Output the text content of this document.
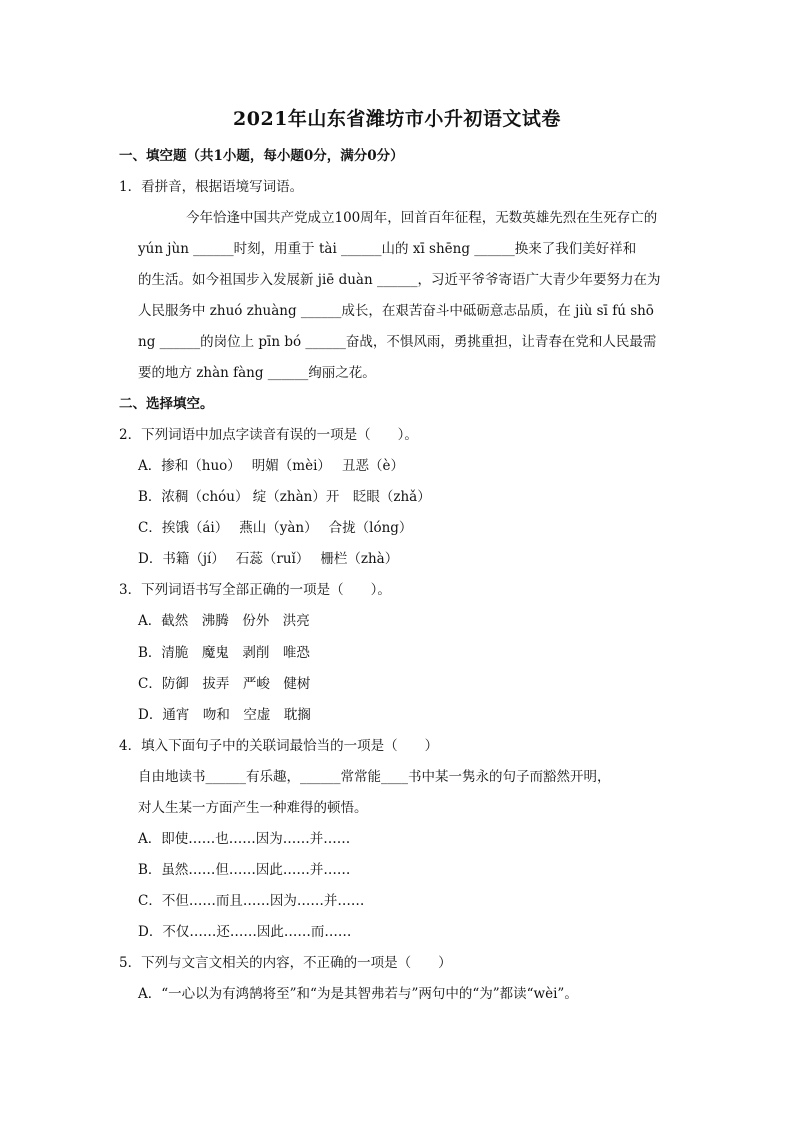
2021年山东省潍坊市小升初语文试卷
一、填空题（共1小题，每小题0分，满分0分）
1．看拼音，根据语境写词语。
今年恰逢中国共产党成立100周年，回首百年征程，无数英雄先烈在生死存亡的
yún jùn ______时刻，用重于 tài ______山的 xī shēng ______换来了我们美好祥和
的生活。如今祖国步入发展新 jiē duàn ______，习近平爷爷寄语广大青少年要努力在为
人民服务中 zhuó zhuàng ______成长，在艰苦奋斗中砥砺意志品质，在 jiù sī fú shō
ng ______的岗位上 pīn bó ______奋战，不惧风雨，勇挑重担，让青春在党和人民最需
要的地方 zhàn fàng ______绚丽之花。
二、选择填空。
2．下列词语中加点字读音有误的一项是（　　）。
A．掺和（huo）　 明媚（mèi）　 丑恶（è）
B．浓稠（chóu） 绽（zhàn）开　眨眼（zhǎ）
C．挨饿（ái）　 燕山（yàn）　 合拢（lóng）
D．书籍（jí）　 石蕊（ruǐ）　 栅栏（zhà）
3．下列词语书写全部正确的一项是（　　）。
A．截然　沸腾　份外　洪亮
B．清脆　魔鬼　剥削　唯恐
C．防御　拔弄　严峻　健树
D．通宵　吻和　空虚　耽搁
4．填入下面句子中的关联词最恰当的一项是（　　）
自由地读书______有乐趣，______常常能____书中某一隽永的句子而豁然开明，
对人生某一方面产生一种难得的顿悟。
A．即使……也……因为……并……
B．虽然……但……因此……并……
C．不但……而且……因为……并……
D．不仅……还……因此……而……
5．下列与文言文相关的内容，不正确的一项是（　　）
A．“一心以为有鸿鹄将至”和“为是其智弗若与”两句中的“为”都读“wèi”。
